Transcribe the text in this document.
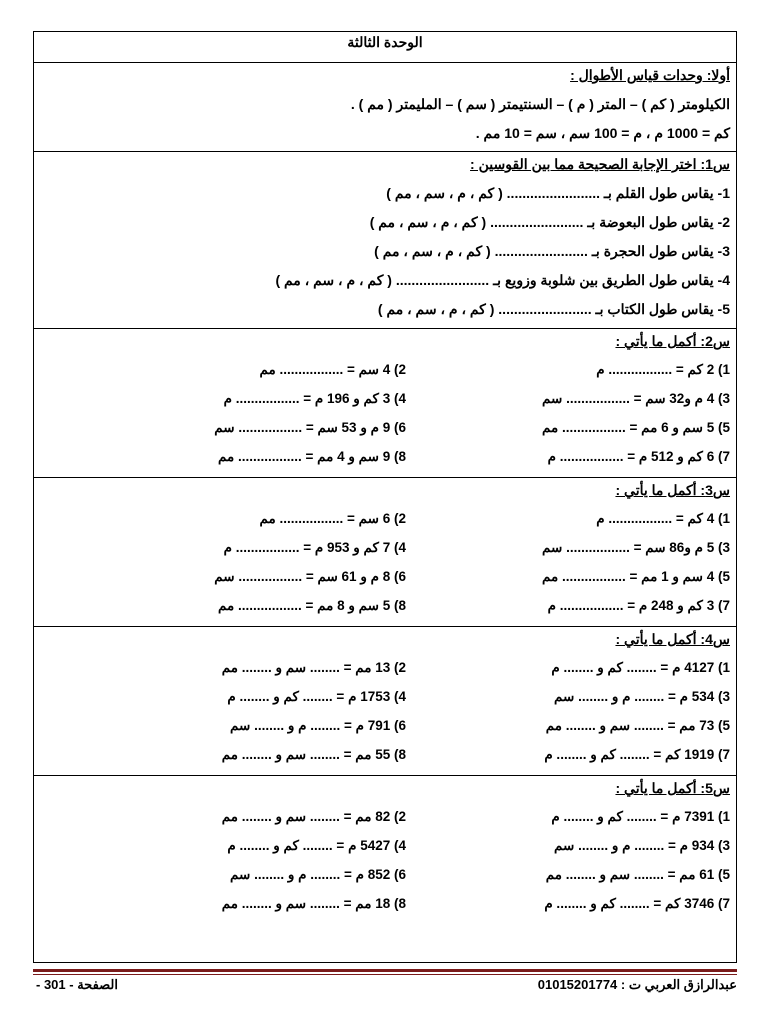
الوحدة الثالثة
أولا: وحدات قياس الأطوال :
الكيلومتر ( كم ) – المتر ( م ) – السنتيمتر ( سم ) – المليمتر ( مم ) .
كم = 1000 م ، م = 100 سم ، سم = 10 مم .
س1: اختر الإجابة الصحيحة مما بين القوسين :
1- يقاس طول القلم بـ ........................ ( كم ، م ، سم ، مم )
2- يقاس طول البعوضة بـ ........................ ( كم ، م ، سم ، مم )
3- يقاس طول الحجرة بـ ........................ ( كم ، م ، سم ، مم )
4- يقاس طول الطريق بين شلوبة وزويع بـ ........................ ( كم ، م ، سم ، مم )
5- يقاس طول الكتاب بـ ........................ ( كم ، م ، سم ، مم )
س2: أكمل ما يأتي :
1) 2 كم = ................. م
2) 4 سم = ................. مم
3) 4 م و32 سم = ................. سم
4) 3 كم و 196 م = ................. م
5) 5 سم و 6 مم = ................. مم
6) 9 م و 53 سم = ................. سم
7) 6 كم و 512 م = ................. م
8) 9 سم و 4 مم = ................. مم
س3: أكمل ما يأتي :
1) 4 كم = ................. م
2) 6 سم = ................. مم
3) 5 م و86 سم = ................. سم
4) 7 كم و 953 م = ................. م
5) 4 سم و 1 مم = ................. مم
6) 8 م و 61 سم = ................. سم
7) 3 كم و 248 م = ................. م
8) 5 سم و 8 مم = ................. مم
س4: أكمل ما يأتي :
1) 4127 م = ........ كم و ........ م
2) 13 مم = ........ سم و ........ مم
3) 534 م = ........ م و ........ سم
4) 1753 م = ........ كم و ........ م
5) 73 مم = ........ سم و ........ مم
6) 791 م = ........ م و ........ سم
7) 1919 كم = ........ كم و ........ م
8) 55 مم = ........ سم و ........ مم
س5: أكمل ما يأتي :
1) 7391 م = ........ كم و ........ م
2) 82 مم = ........ سم و ........ مم
3) 934 م = ........ م و ........ سم
4) 5427 م = ........ كم و ........ م
5) 61 مم = ........ سم و ........ مم
6) 852 م = ........ م و ........ سم
7) 3746 كم = ........ كم و ........ م
8) 18 مم = ........ سم و ........ مم
عبدالرازق العربي ت : 01015201774
الصفحة - 301 -
